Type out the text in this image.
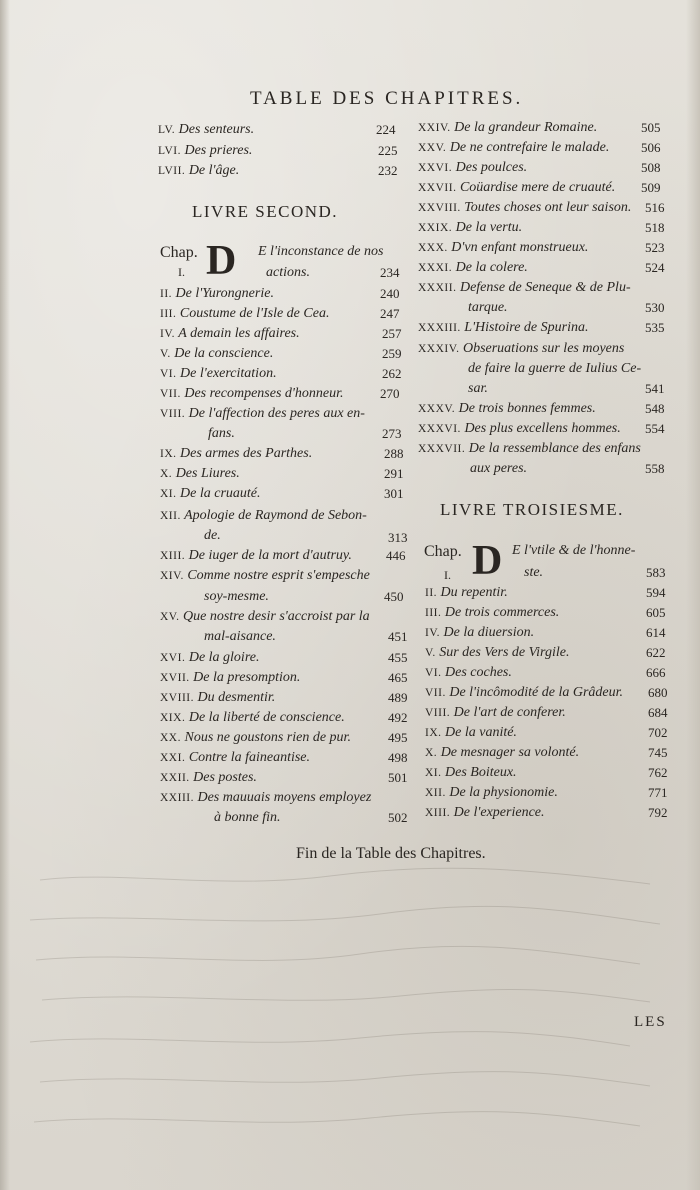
TABLE DES CHAPITRES.
LV. Des senteurs.	224
LVI. Des prieres.	225
LVII. De l'âge.	232
LIVRE SECOND.
Chap.
I. D E l'inconstance de nos
actions.	234
II. De l'Yurongnerie.	240
III. Coustume de l'Isle de Cea.	247
IV. A demain les affaires.	257
V. De la conscience.	259
VI. De l'exercitation.	262
VII. Des recompenses d'honneur.	270
VIII. De l'affection des peres aux en-
fans.	273
IX. Des armes des Parthes.	288
X. Des Liures.	291
XI. De la cruauté.	301
XII. Apologie de Raymond de Sebon-
de.	313
XIII. De iuger de la mort d'autruy.	446
XIV. Comme nostre esprit s'empesche
soy-mesme.	450
XV. Que nostre desir s'accroist par la
mal-aisance.	451
XVI. De la gloire.	455
XVII. De la presomption.	465
XVIII. Du desmentir.	489
XIX. De la liberté de conscience.	492
XX. Nous ne goustons rien de pur.	495
XXI. Contre la faineantise.	498
XXII. Des postes.	501
XXIII. Des mauuais moyens employez
à bonne fin.	502
XXIV. De la grandeur Romaine.	505
XXV. De ne contrefaire le malade. 506
XXVI. Des poulces.	508
XXVII. Coüardise mere de cruauté. 509
XXVIII. Toutes choses ont leur saison. 516
XXIX. De la vertu.	518
XXX. D'vn enfant monstrueux.	523
XXXI. De la colere.	524
XXXII. Defense de Seneque & de Plu-
tarque.	530
XXXIII. L'Histoire de Spurina.	535
XXXIV. Obseruations sur les moyens
de faire la guerre de Iulius Ce-
sar.	541
XXXV. De trois bonnes femmes.	548
XXXVI. Des plus excellens hommes. 554
XXXVII. De la ressemblance des enfans
aux peres.	558
LIVRE TROISIESME.
Chap.
I. D E l'vtile & de l'honne-
ste.	583
II. Du repentir.	594
III. De trois commerces.	605
IV. De la diuersion.	614
V. Sur des Vers de Virgile.	622
VI. Des coches.	666
VII. De l'incômodité de la Grâdeur. 680
VIII. De l'art de conferer.	684
IX. De la vanité.	702
X. De mesnager sa volonté.	745
XI. Des Boiteux.	762
XII. De la physionomie.	771
XIII. De l'experience.	792
Fin de la Table des Chapitres.
LES
